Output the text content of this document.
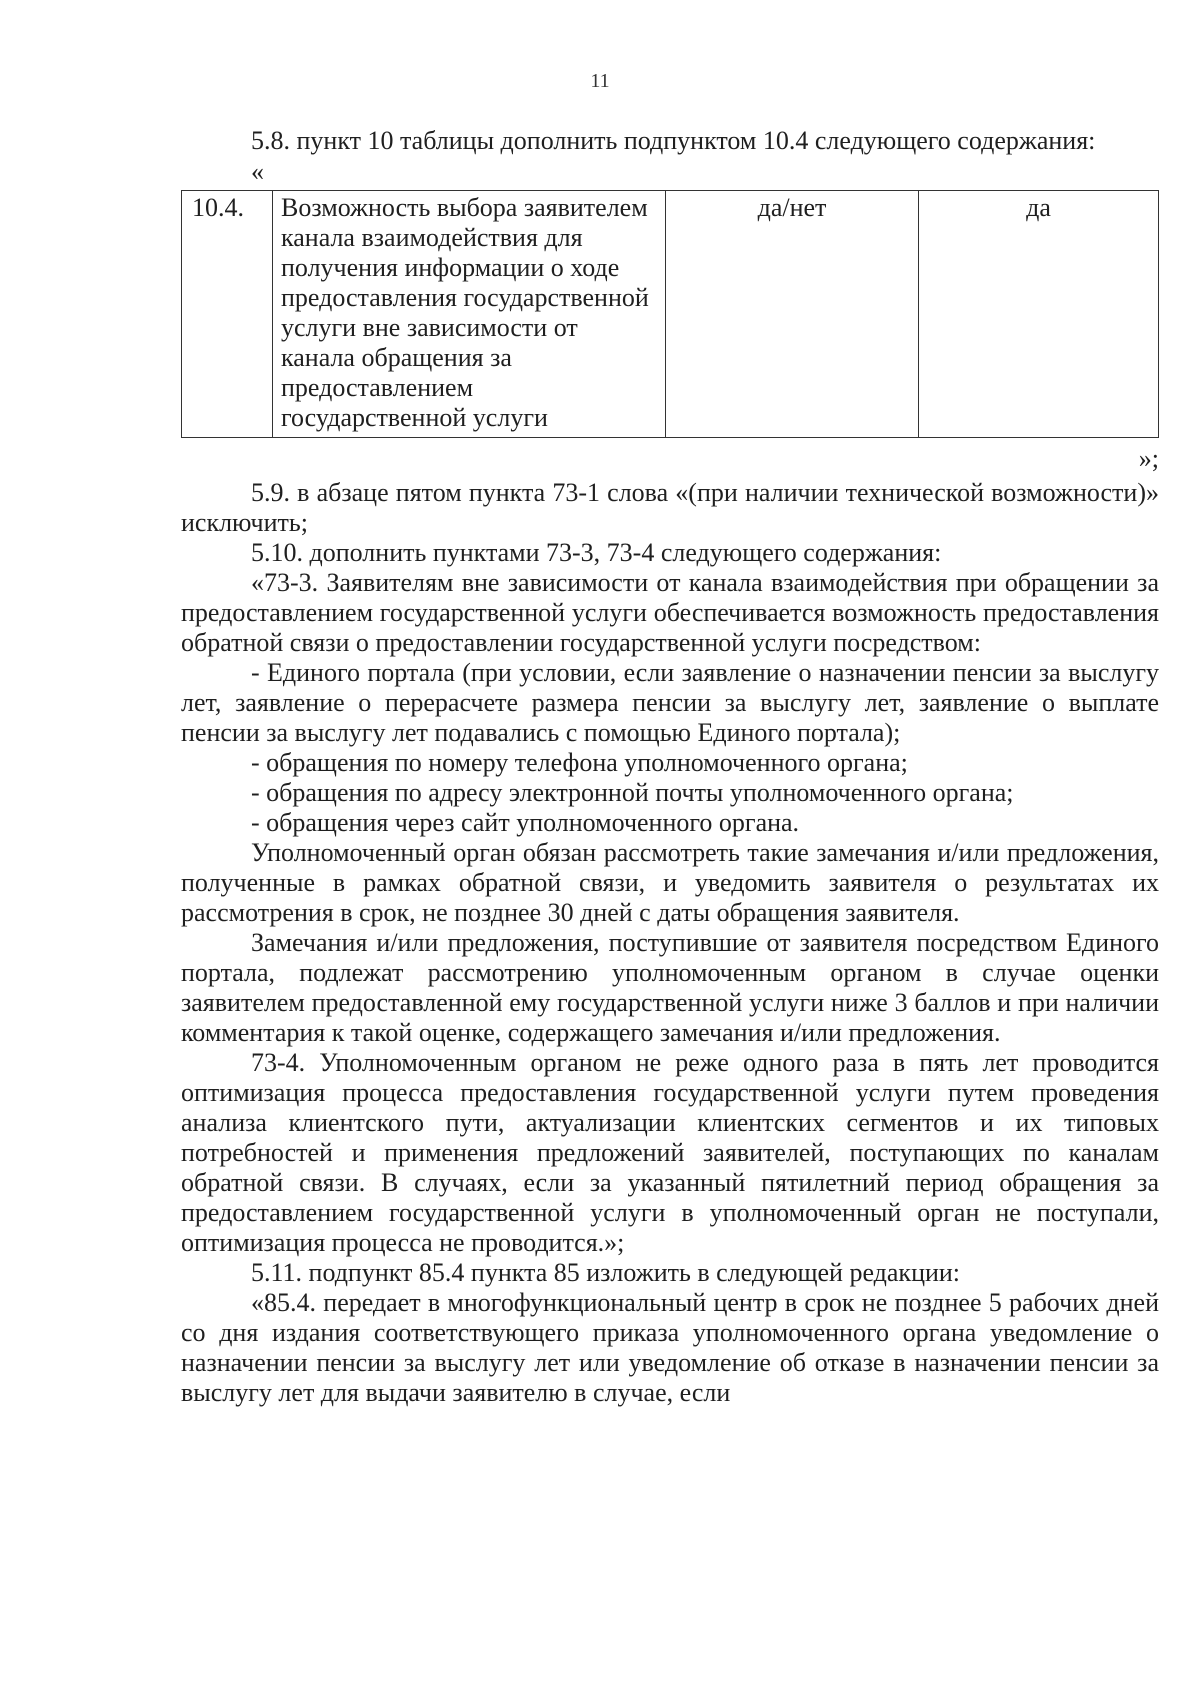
11

5.8. пункт 10 таблицы дополнить подпунктом 10.4 следующего содержания:

«
10.4.	Возможность выбора заявителем канала взаимодействия для получения информации о ходе предоставления государственной услуги вне зависимости от канала обращения за предоставлением государственной услуги	да/нет	да
»;

5.9. в абзаце пятом пункта 73-1 слова «(при наличии технической возможности)» исключить;

5.10. дополнить пунктами 73-3, 73-4 следующего содержания:

«73-3. Заявителям вне зависимости от канала взаимодействия при обращении за предоставлением государственной услуги обеспечивается возможность предоставления обратной связи о предоставлении государственной услуги посредством:

- Единого портала (при условии, если заявление о назначении пенсии за выслугу лет, заявление о перерасчете размера пенсии за выслугу лет, заявление о выплате пенсии за выслугу лет подавались с помощью Единого портала);

- обращения по номеру телефона уполномоченного органа;

- обращения по адресу электронной почты уполномоченного органа;

- обращения через сайт уполномоченного органа.

Уполномоченный орган обязан рассмотреть такие замечания и/или предложения, полученные в рамках обратной связи, и уведомить заявителя о результатах их рассмотрения в срок, не позднее 30 дней с даты обращения заявителя.

Замечания и/или предложения, поступившие от заявителя посредством Единого портала, подлежат рассмотрению уполномоченным органом в случае оценки заявителем предоставленной ему государственной услуги ниже 3 баллов и при наличии комментария к такой оценке, содержащего замечания и/или предложения.

73-4. Уполномоченным органом не реже одного раза в пять лет проводится оптимизация процесса предоставления государственной услуги путем проведения анализа клиентского пути, актуализации клиентских сегментов и их типовых потребностей и применения предложений заявителей, поступающих по каналам обратной связи. В случаях, если за указанный пятилетний период обращения за предоставлением государственной услуги в уполномоченный орган не поступали, оптимизация процесса не проводится.»;

5.11. подпункт 85.4 пункта 85 изложить в следующей редакции:

«85.4. передает в многофункциональный центр в срок не позднее 5 рабочих дней со дня издания соответствующего приказа уполномоченного органа уведомление о назначении пенсии за выслугу лет или уведомление об отказе в назначении пенсии за выслугу лет для выдачи заявителю в случае, если
